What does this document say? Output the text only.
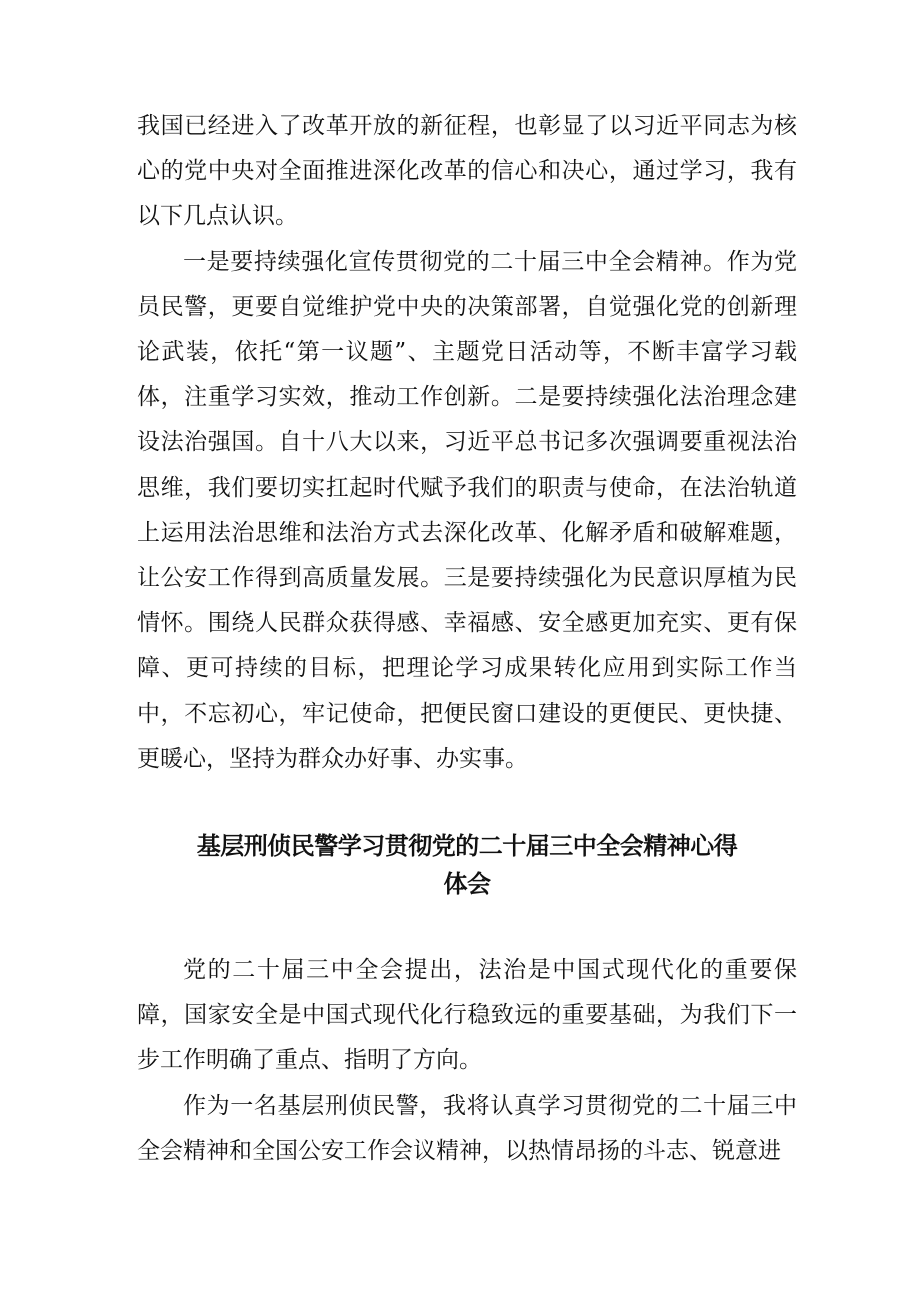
我国已经进入了改革开放的新征程，也彰显了以习近平同志为核心的党中央对全面推进深化改革的信心和决心，通过学习，我有以下几点认识。

一是要持续强化宣传贯彻党的二十届三中全会精神。作为党员民警，更要自觉维护党中央的决策部署，自觉强化党的创新理论武装，依托“第一议题”、主题党日活动等，不断丰富学习载体，注重学习实效，推动工作创新。二是要持续强化法治理念建设法治强国。自十八大以来，习近平总书记多次强调要重视法治思维，我们要切实扛起时代赋予我们的职责与使命，在法治轨道上运用法治思维和法治方式去深化改革、化解矛盾和破解难题，让公安工作得到高质量发展。三是要持续强化为民意识厚植为民情怀。围绕人民群众获得感、幸福感、安全感更加充实、更有保障、更可持续的目标，把理论学习成果转化应用到实际工作当中，不忘初心，牢记使命，把便民窗口建设的更便民、更快捷、更暖心，坚持为群众办好事、办实事。

基层刑侦民警学习贯彻党的二十届三中全会精神心得
体会

党的二十届三中全会提出，法治是中国式现代化的重要保障，国家安全是中国式现代化行稳致远的重要基础，为我们下一步工作明确了重点、指明了方向。

作为一名基层刑侦民警，我将认真学习贯彻党的二十届三中全会精神和全国公安工作会议精神，以热情昂扬的斗志、锐意进
